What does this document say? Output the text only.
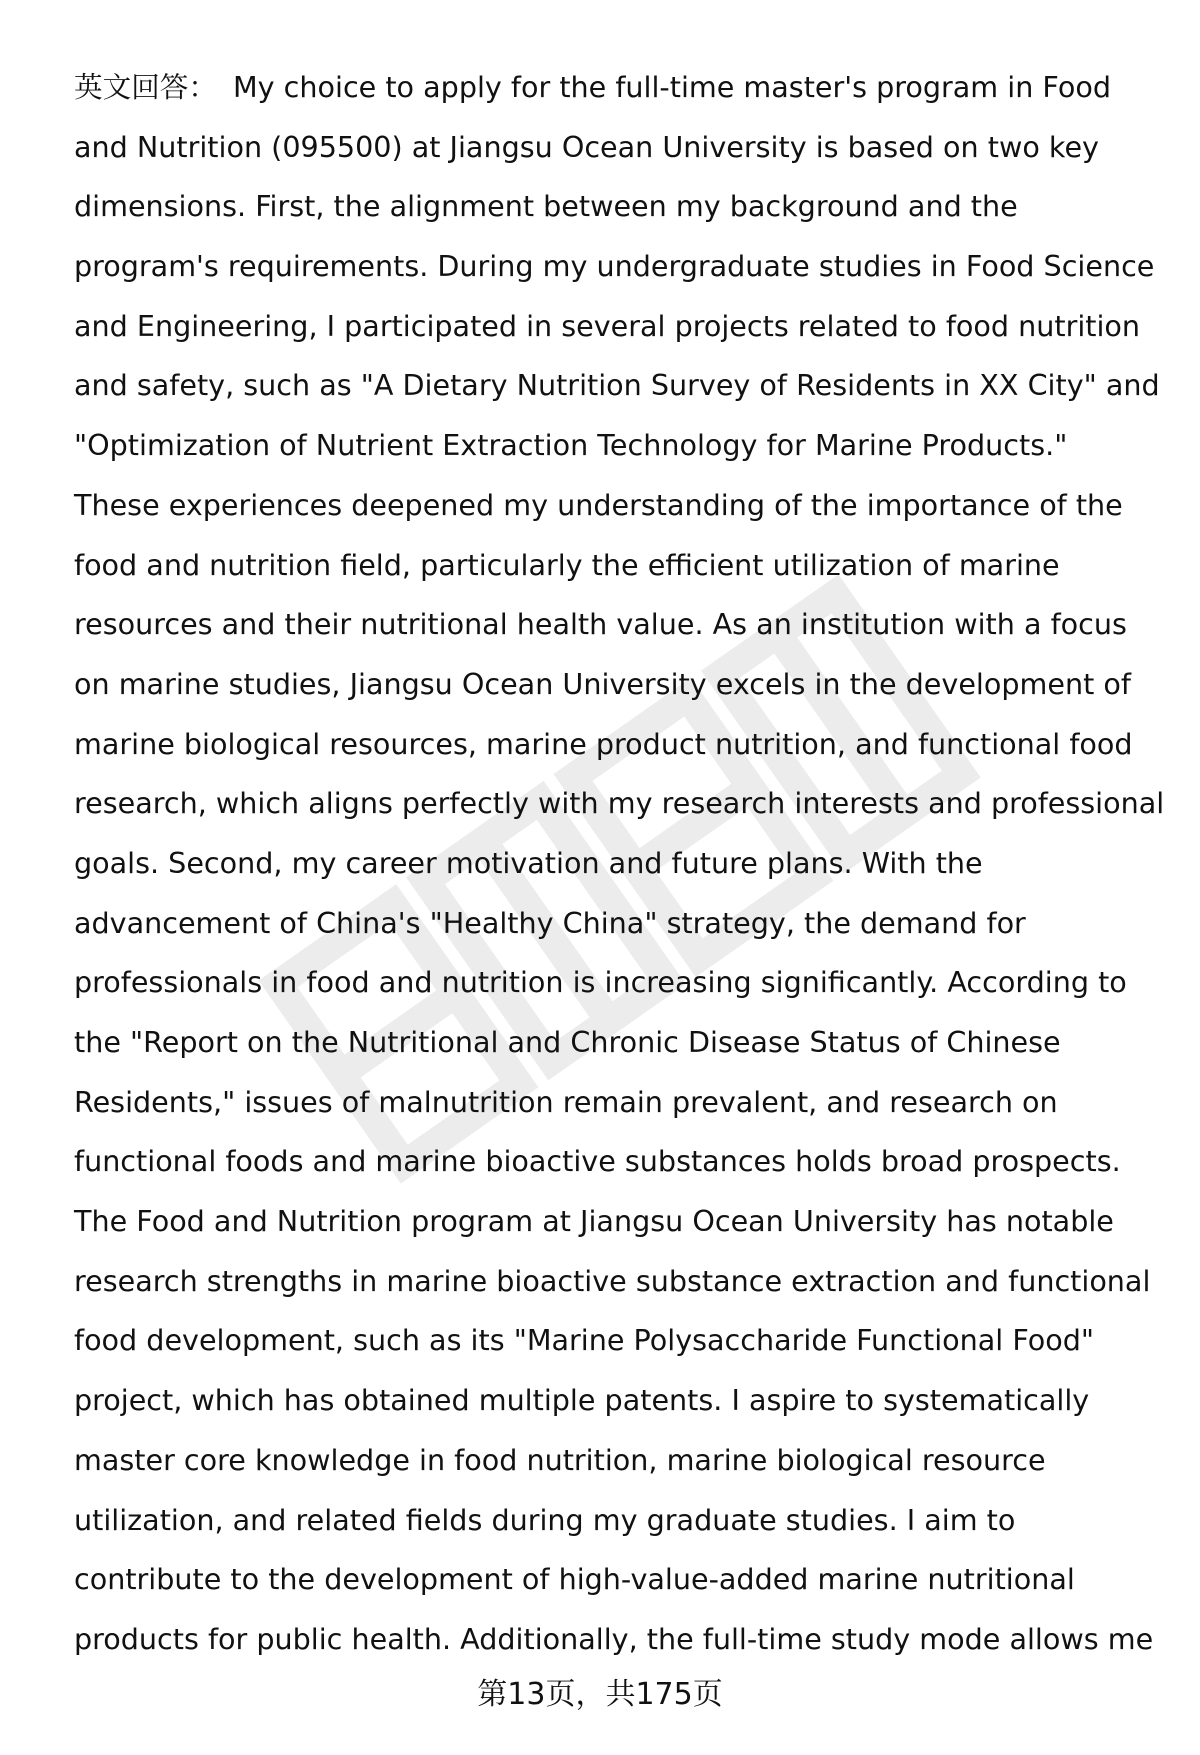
英文回答： My choice to apply for the full-time master's program in Food
and Nutrition (095500) at Jiangsu Ocean University is based on two key
dimensions. First, the alignment between my background and the
program's requirements. During my undergraduate studies in Food Science
and Engineering, I participated in several projects related to food nutrition
and safety, such as "A Dietary Nutrition Survey of Residents in XX City" and
"Optimization of Nutrient Extraction Technology for Marine Products."
These experiences deepened my understanding of the importance of the
food and nutrition field, particularly the efficient utilization of marine
resources and their nutritional health value. As an institution with a focus
on marine studies, Jiangsu Ocean University excels in the development of
marine biological resources, marine product nutrition, and functional food
research, which aligns perfectly with my research interests and professional
goals. Second, my career motivation and future plans. With the
advancement of China's "Healthy China" strategy, the demand for
professionals in food and nutrition is increasing significantly. According to
the "Report on the Nutritional and Chronic Disease Status of Chinese
Residents," issues of malnutrition remain prevalent, and research on
functional foods and marine bioactive substances holds broad prospects.
The Food and Nutrition program at Jiangsu Ocean University has notable
research strengths in marine bioactive substance extraction and functional
food development, such as its "Marine Polysaccharide Functional Food"
project, which has obtained multiple patents. I aspire to systematically
master core knowledge in food nutrition, marine biological resource
utilization, and related fields during my graduate studies. I aim to
contribute to the development of high-value-added marine nutritional
products for public health. Additionally, the full-time study mode allows me
第13页，共175页
